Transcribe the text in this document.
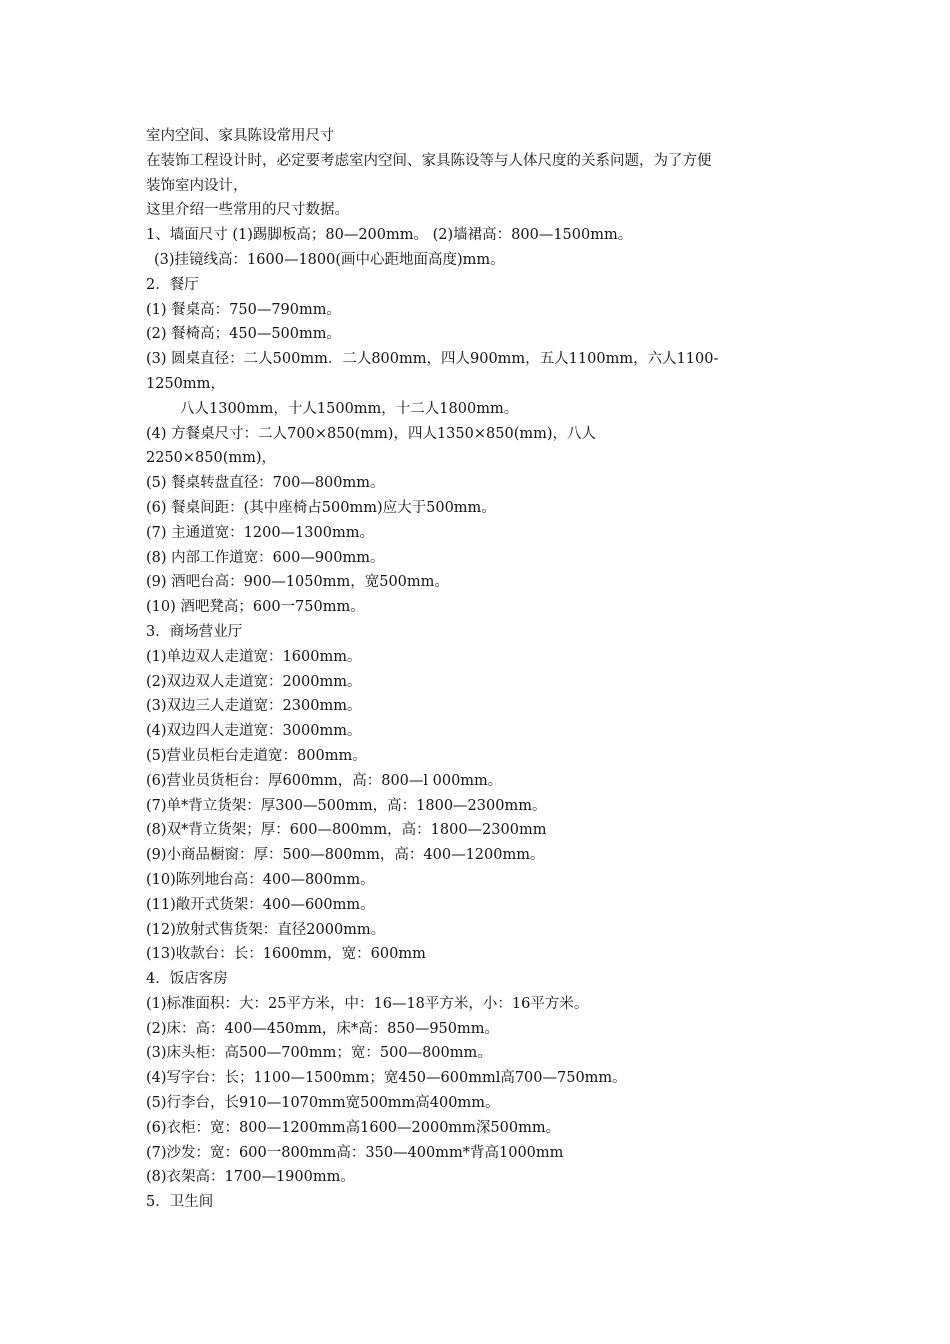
室内空间、家具陈设常用尺寸

在装饰工程设计时，必定要考虑室内空间、家具陈设等与人体尺度的关系问题，为了方便

装饰室内设计，

这里介绍一些常用的尺寸数据。

1、墙面尺寸 (1)踢脚板高；80—200mm。 (2)墙裙高：800—1500mm。

(3)挂镜线高：1600—1800(画中心距地面高度)mm。

2．餐厅

(1) 餐桌高：750—790mm。

(2) 餐椅高；450—500mm。

(3) 圆桌直径：二人500mm．二人800mm，四人900mm，五人1100mm，六人1100-

1250mm，

八人1300mm，十人1500mm，十二人1800mm。

(4) 方餐桌尺寸：二人700×850(mm)，四人1350×850(mm)，八人

2250×850(mm)，

(5) 餐桌转盘直径：700—800mm。

(6) 餐桌间距：(其中座椅占500mm)应大于500mm。

(7) 主通道宽：1200—1300mm。

(8) 内部工作道宽：600—900mm。

(9) 酒吧台高：900—1050mm，宽500mm。

(10) 酒吧凳高；600一750mm。

3．商场营业厅

(1)单边双人走道宽：1600mm。

(2)双边双人走道宽：2000mm。

(3)双边三人走道宽：2300mm。

(4)双边四人走道宽：3000mm。

(5)营业员柜台走道宽：800mm。

(6)营业员货柜台：厚600mm，高：800—l 000mm。

(7)单*背立货架：厚300—500mm，高：1800—2300mm。

(8)双*背立货架；厚：600—800mm，高：1800—2300mm

(9)小商品橱窗：厚：500—800mm，高：400—1200mm。

(10)陈列地台高：400—800mm。

(11)敞开式货架：400—600mm。

(12)放射式售货架：直径2000mm。

(13)收款台：长：1600mm，宽：600mm

4．饭店客房

(1)标准面积：大：25平方米，中：16—18平方米，小：16平方米。

(2)床：高：400—450mm，床*高：850—950mm。

(3)床头柜：高500—700mm；宽：500—800mm。

(4)写字台：长；1100—1500mm；宽450—600mml高700—750mm。

(5)行李台，长910—1070mm宽500mm高400mm。

(6)衣柜：宽：800—1200mm高1600—2000mm深500mm。

(7)沙发：宽：600一800mm高：350—400mm*背高1000mm

(8)衣架高：1700—1900mm。

5．卫生间
